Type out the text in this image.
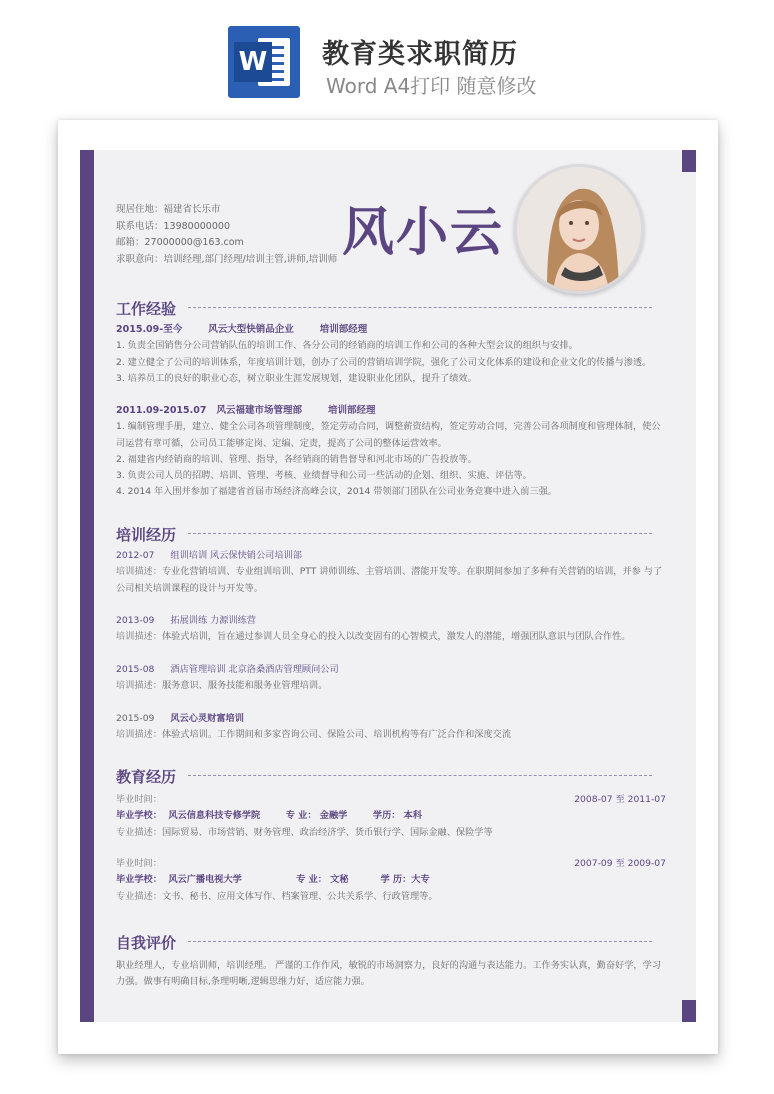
W 教育类求职简历
Word A4打印 随意修改
现居住地：福建省长乐市
联系电话：13980000000
邮箱：27000000@163.com
求职意向：培训经理,部门经理/培训主管,讲师,培训师 风小云
工作经验
2015.09-至今	风云大型快销品企业	培训部经理
1. 负责全国销售分公司营销队伍的培训工作、各分公司的经销商的培训工作和公司的各种大型会议的组织与安排。
2. 建立健全了公司的培训体系，年度培训计划，创办了公司的营销培训学院，强化了公司文化体系的建设和企业文化的传播与渗透。
3. 培养员工的良好的职业心态，树立职业生涯发展规划，建设职业化团队，提升了绩效。
2011.09-2015.07 风云福建市场管理部	培训部经理
1. 编制管理手册，建立、健全公司各项管理制度，签定劳动合同，调整薪资结构，签定劳动合同，完善公司各项制度和管理体制，使公司运营有章可循，公司员工能够定岗、定编、定责，提高了公司的整体运营效率。
2. 福建省内经销商的培训、管理、指导，各经销商的销售督导和河北市场的广告投放等。
3. 负责公司人员的招聘、培训、管理、考核、业绩督导和公司一些活动的企划、组织、实施、评估等。
4. 2014 年入围并参加了福建省首届市场经济高峰会议，2014 带领部门团队在公司业务竞赛中进入前三强。
培训经历
2012-07 组训培训 风云保快销公司培训部
培训描述：专业化营销培训、专业组训培训、PTT 讲师训练、主管培训、潜能开发等。在职期间参加了多种有关营销的培训，并参 与了公司相关培训课程的设计与开发等。
2013-09 拓展训练 力源训练营
培训描述：体验式培训，旨在通过参训人员全身心的投入以改变固有的心智模式，激发人的潜能，增强团队意识与团队合作性。
2015-08 酒店管理培训 北京洛桑酒店管理顾问公司
培训描述：服务意识、服务技能和服务业管理培训。
2015-09 风云心灵财富培训
培训描述：体验式培训。工作期间和多家咨询公司、保险公司、培训机构等有广泛合作和深度交流
教育经历
毕业时间：	2008-07 至 2011-07
毕业学校：  风云信息科技专修学院        专 业： 金融学        学历： 本科
专业描述：国际贸易、市场营销、财务管理、政治经济学、货币银行学、国际金融、保险学等
毕业时间：	2007-09 至 2009-07
毕业学校：  风云广播电视大学                 专 业： 文秘          学 历：大专
专业描述：文书、秘书、应用文体写作、档案管理、公共关系学、行政管理等。
自我评价
职业经理人，专业培训师，培训经理。 严谨的工作作风，敏锐的市场洞察力，良好的沟通与表达能力。工作务实认真，勤奋好学，学习力强。做事有明确目标,条理明晰,逻辑思维力好，适应能力强。
